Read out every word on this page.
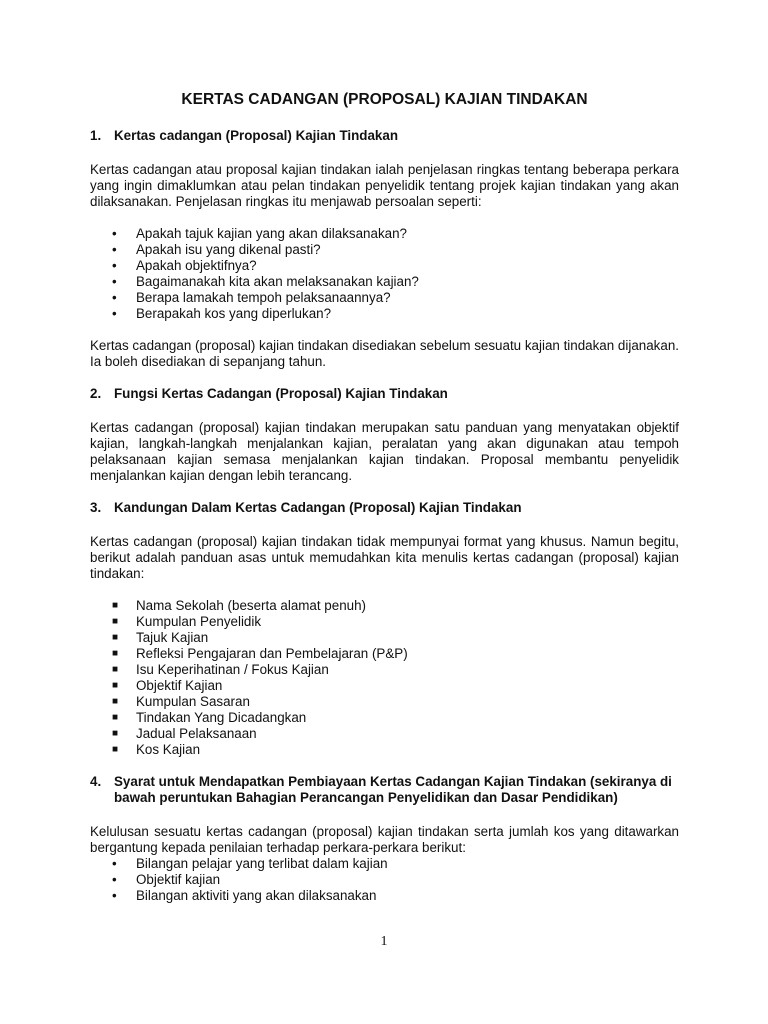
KERTAS CADANGAN (PROPOSAL) KAJIAN TINDAKAN
1. Kertas cadangan (Proposal) Kajian Tindakan

Kertas cadangan atau proposal kajian tindakan ialah penjelasan ringkas tentang beberapa perkara yang ingin dimaklumkan atau pelan tindakan penyelidik tentang projek kajian tindakan yang akan dilaksanakan. Penjelasan ringkas itu menjawab persoalan seperti:

•	Apakah tajuk kajian yang akan dilaksanakan?
•	Apakah isu yang dikenal pasti?
•	Apakah objektifnya?
•	Bagaimanakah kita akan melaksanakan kajian?
•	Berapa lamakah tempoh pelaksanaannya?
•	Berapakah kos yang diperlukan?

Kertas cadangan (proposal) kajian tindakan disediakan sebelum sesuatu kajian tindakan dijanakan. Ia boleh disediakan di sepanjang tahun.

2. Fungsi Kertas Cadangan (Proposal) Kajian Tindakan

Kertas cadangan (proposal) kajian tindakan merupakan satu panduan yang menyatakan objektif kajian, langkah-langkah menjalankan kajian, peralatan yang akan digunakan atau tempoh pelaksanaan kajian semasa menjalankan kajian tindakan. Proposal membantu penyelidik menjalankan kajian dengan lebih terancang.

3. Kandungan Dalam Kertas Cadangan (Proposal) Kajian Tindakan

Kertas cadangan (proposal) kajian tindakan tidak mempunyai format yang khusus. Namun begitu, berikut adalah panduan asas untuk memudahkan kita menulis kertas cadangan (proposal) kajian tindakan:

■	Nama Sekolah (beserta alamat penuh)
■	Kumpulan Penyelidik
■	Tajuk Kajian
■	Refleksi Pengajaran dan Pembelajaran (P&P)
■	Isu Keperihatinan / Fokus Kajian
■	Objektif Kajian
■	Kumpulan Sasaran
■	Tindakan Yang Dicadangkan
■	Jadual Pelaksanaan
■	Kos Kajian
4. Syarat untuk Mendapatkan Pembiayaan Kertas Cadangan Kajian Tindakan (sekiranya di bawah peruntukan Bahagian Perancangan Penyelidikan dan Dasar Pendidikan)

Kelulusan sesuatu kertas cadangan (proposal) kajian tindakan serta jumlah kos yang ditawarkan bergantung kepada penilaian terhadap perkara-perkara berikut:

•	Bilangan pelajar yang terlibat dalam kajian
•	Objektif kajian
•	Bilangan aktiviti yang akan dilaksanakan
1
